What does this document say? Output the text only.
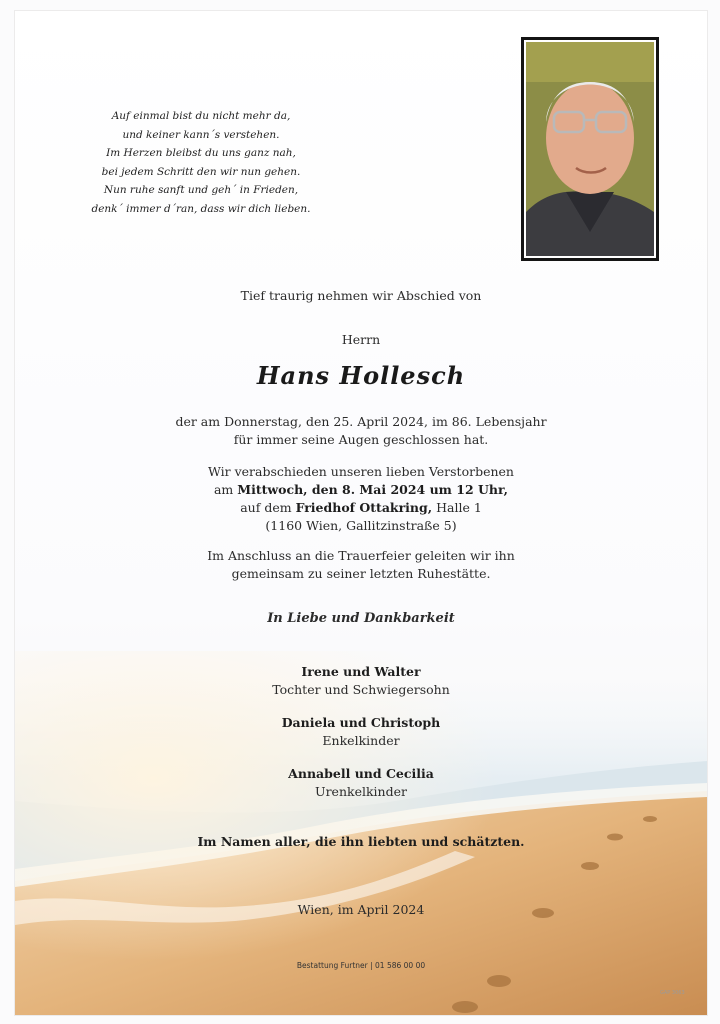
Auf einmal bist du nicht mehr da,
und keiner kann´s verstehen.
Im Herzen bleibst du uns ganz nah,
bei jedem Schritt den wir nun gehen.
Nun ruhe sanft und geh´ in Frieden,
denk´ immer d´ran, dass wir dich lieben.
Tief traurig nehmen wir Abschied von
Herrn
Hans Hollesch
der am Donnerstag, den 25. April 2024, im 86. Lebensjahr
für immer seine Augen geschlossen hat.
Wir verabschieden unseren lieben Verstorbenen
am Mittwoch, den 8. Mai 2024 um 12 Uhr,
auf dem Friedhof Ottakring, Halle 1
(1160 Wien, Gallitzinstraße 5)
Im Anschluss an die Trauerfeier geleiten wir ihn
gemeinsam zu seiner letzten Ruhestätte.
In Liebe und Dankbarkeit
Irene und Walter
Tochter und Schwiegersohn
Daniela und Christoph
Enkelkinder
Annabell und Cecilia
Urenkelkinder
Im Namen aller, die ihn liebten und schätzten.
Wien, im April 2024
Bestattung Furtner | 01 586 00 00
GAP 3063
